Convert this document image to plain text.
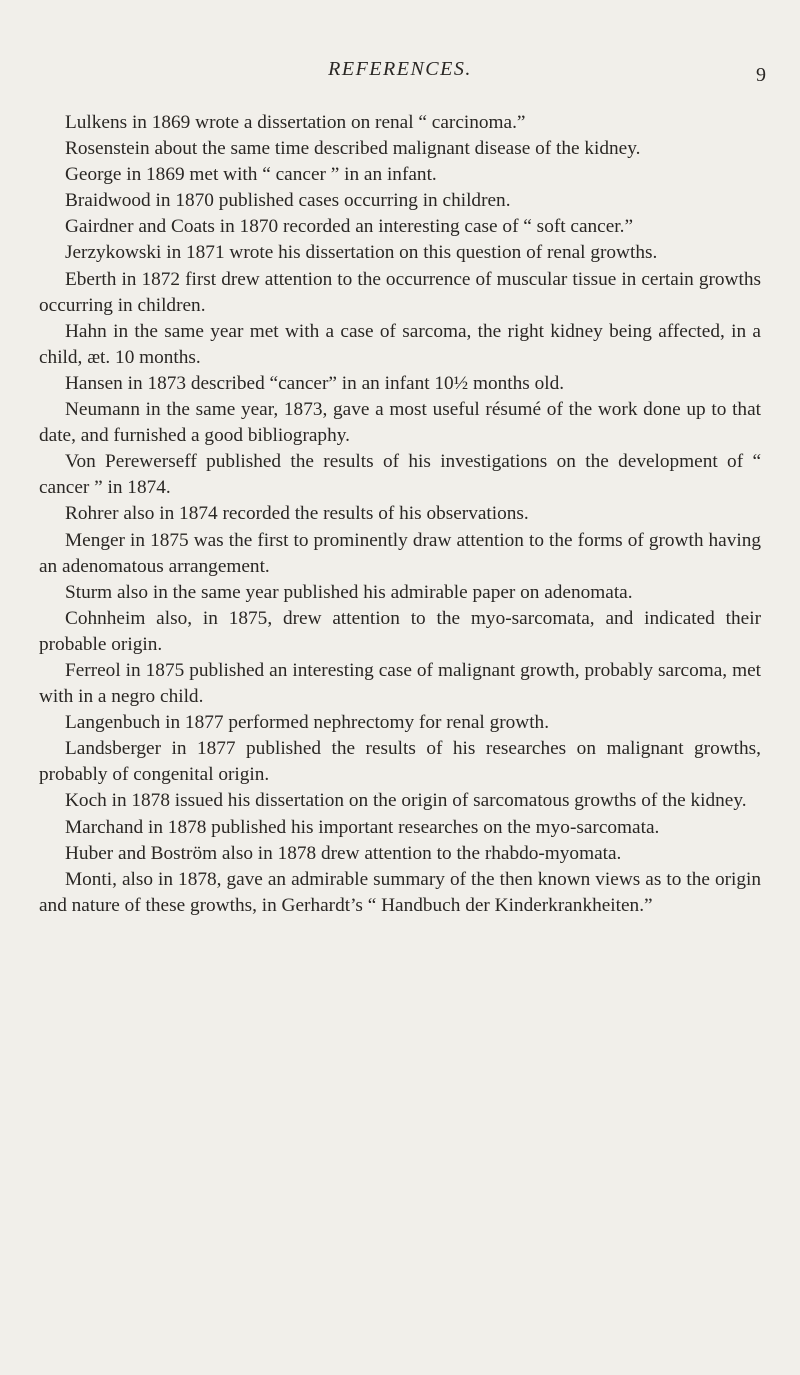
REFERENCES.	9

Lulkens in 1869 wrote a dissertation on renal “ carcinoma.”

Rosenstein about the same time described malignant disease of the kidney.

George in 1869 met with “ cancer ” in an infant.

Braidwood in 1870 published cases occurring in children.

Gairdner and Coats in 1870 recorded an interesting case of “ soft cancer.”

Jerzykowski in 1871 wrote his dissertation on this question of renal growths.

Eberth in 1872 first drew attention to the occurrence of muscular tissue in certain growths occurring in children.

Hahn in the same year met with a case of sarcoma, the right kidney being affected, in a child, æt. 10 months.

Hansen in 1873 described “cancer” in an infant 10½ months old.

Neumann in the same year, 1873, gave a most useful résumé of the work done up to that date, and furnished a good bibliography.

Von Perewerseff published the results of his investigations on the development of “ cancer ” in 1874.

Rohrer also in 1874 recorded the results of his observations.

Menger in 1875 was the first to prominently draw attention to the forms of growth having an adenomatous arrangement.

Sturm also in the same year published his admirable paper on adenomata.

Cohnheim also, in 1875, drew attention to the myo-sarcomata, and indicated their probable origin.

Ferreol in 1875 published an interesting case of malignant growth, probably sarcoma, met with in a negro child.

Langenbuch in 1877 performed nephrectomy for renal growth.

Landsberger in 1877 published the results of his researches on malignant growths, probably of congenital origin.

Koch in 1878 issued his dissertation on the origin of sarcomatous growths of the kidney.

Marchand in 1878 published his important researches on the myo-sarcomata.

Huber and Boström also in 1878 drew attention to the rhabdo-myomata.

Monti, also in 1878, gave an admirable summary of the then known views as to the origin and nature of these growths, in Gerhardt’s “ Handbuch der Kinderkrankheiten.”
